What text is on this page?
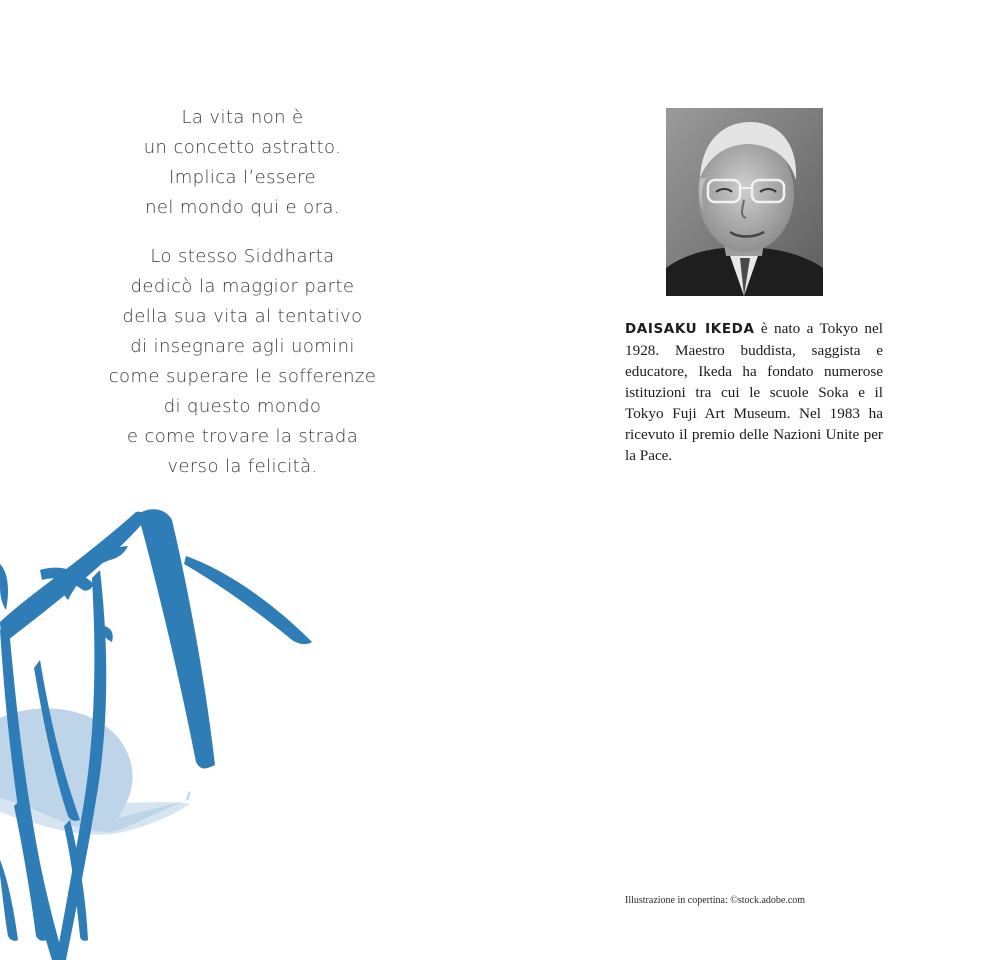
La vita non è
un concetto astratto.
Implica l’essere
nel mondo qui e ora.
Lo stesso Siddharta
dedicò la maggior parte
della sua vita al tentativo
di insegnare agli uomini
come superare le sofferenze
di questo mondo
e come trovare la strada
verso la felicità.
DAISAKU IKEDA è nato a Tokyo nel 1928. Maestro buddista, saggista e educatore, Ikeda ha fondato numerose istituzioni tra cui le scuole Soka e il Tokyo Fuji Art Museum. Nel 1983 ha ricevuto il premio delle Nazioni Unite per la Pace.
Illustrazione in copertina: ©stock.adobe.com
